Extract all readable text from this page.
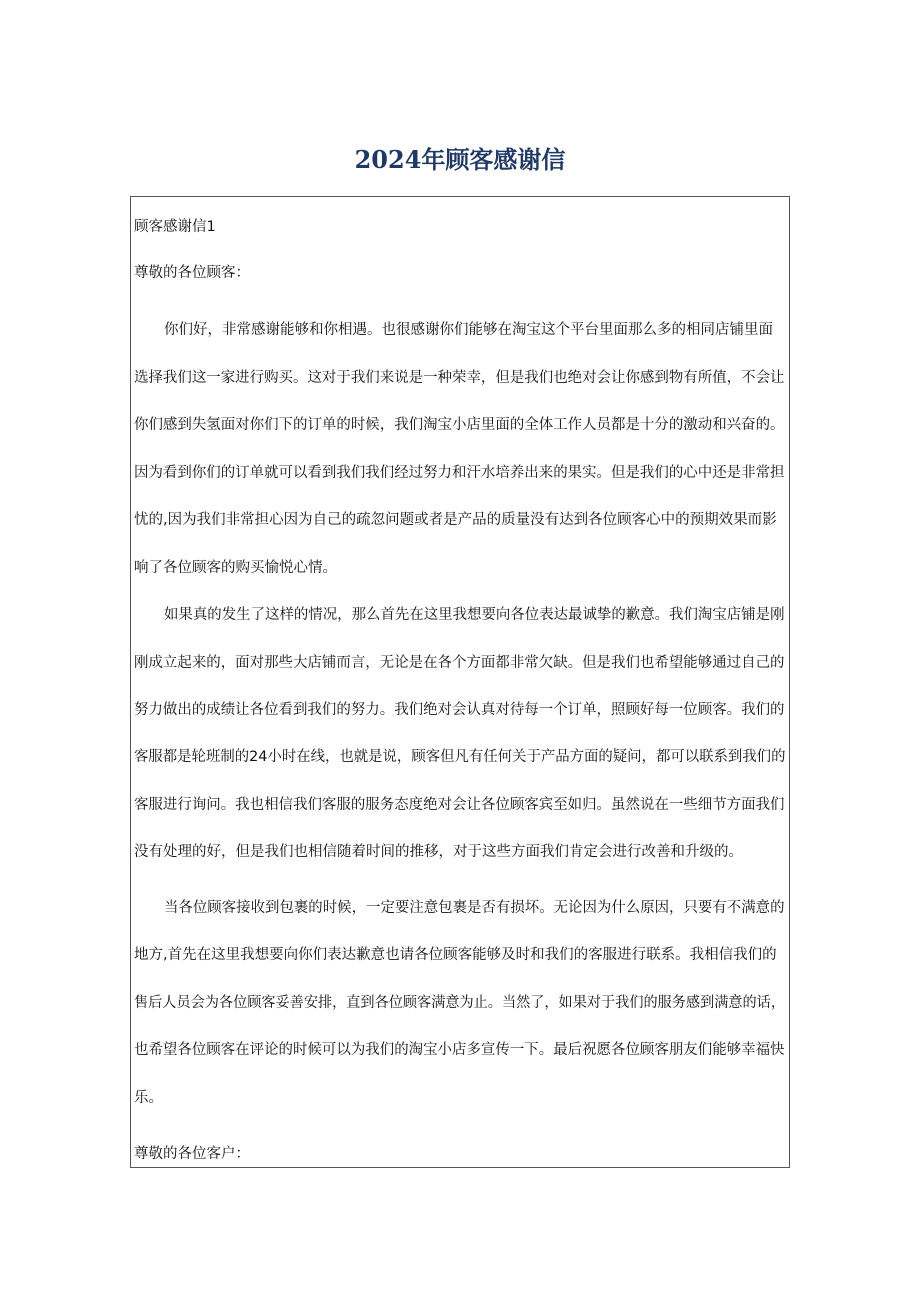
2024年顾客感谢信
顾客感谢信1
尊敬的各位顾客：
你们好，非常感谢能够和你相遇。也很感谢你们能够在淘宝这个平台里面那么多的相同店铺里面
选择我们这一家进行购买。这对于我们来说是一种荣幸，但是我们也绝对会让你感到物有所值，不会让
你们感到失氢面对你们下的订单的时候，我们淘宝小店里面的全体工作人员都是十分的激动和兴奋的。
因为看到你们的订单就可以看到我们我们经过努力和汗水培养出来的果实。但是我们的心中还是非常担
忧的,因为我们非常担心因为自己的疏忽问题或者是产品的质量没有达到各位顾客心中的预期效果而影
响了各位顾客的购买愉悦心情。
如果真的发生了这样的情况，那么首先在这里我想要向各位表达最诚挚的歉意。我们淘宝店铺是刚
刚成立起来的，面对那些大店铺而言，无论是在各个方面都非常欠缺。但是我们也希望能够通过自己的
努力做出的成绩让各位看到我们的努力。我们绝对会认真对待每一个订单，照顾好每一位顾客。我们的
客服都是轮班制的24小时在线，也就是说，顾客但凡有任何关于产品方面的疑问，都可以联系到我们的
客服进行询问。我也相信我们客服的服务态度绝对会让各位顾客宾至如归。虽然说在一些细节方面我们
没有处理的好，但是我们也相信随着时间的推移，对于这些方面我们肯定会进行改善和升级的。
当各位顾客接收到包裹的时候，一定要注意包裹是否有损坏。无论因为什么原因，只要有不满意的
地方,首先在这里我想要向你们表达歉意也请各位顾客能够及时和我们的客服进行联系。我相信我们的
售后人员会为各位顾客妥善安排，直到各位顾客满意为止。当然了，如果对于我们的服务感到满意的话，
也希望各位顾客在评论的时候可以为我们的淘宝小店多宣传一下。最后祝愿各位顾客朋友们能够幸福快
乐。
尊敬的各位客户：
